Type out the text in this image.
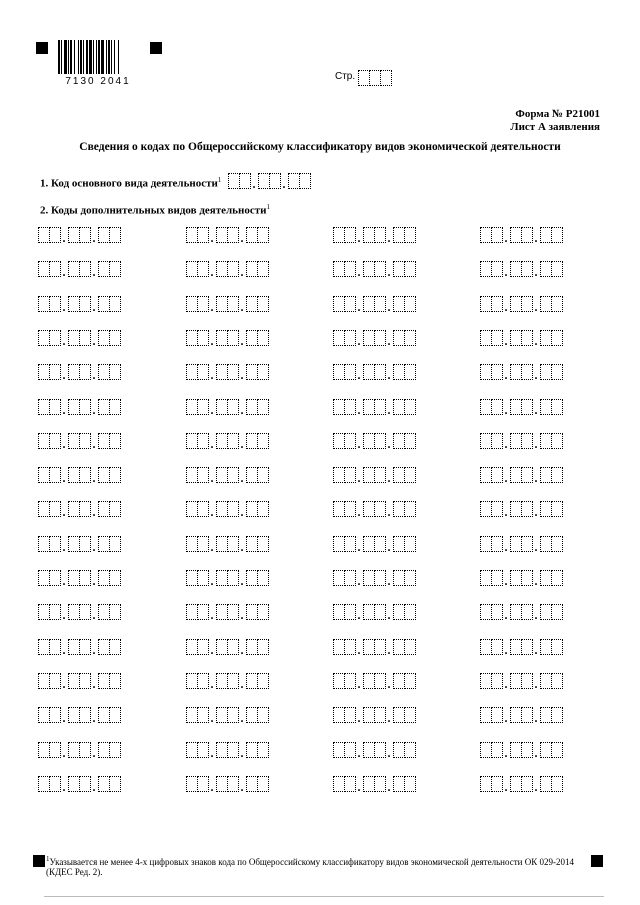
7130 2041	Стр.
Форма № Р21001
Лист А заявления
Сведения о кодах по Общероссийскому классификатору видов экономической деятельности
1. Код основного вида деятельности$^1$	. .
2. Коды дополнительных видов деятельности$^1$
. .	. .	. .	. .
. .	. .	. .	. .
. .	. .	. .	. .
. .	. .	. .	. .
. .	. .	. .	. .
. .	. .	. .	. .
. .	. .	. .	. .
. .	. .	. .	. .
. .	. .	. .	. .
. .	. .	. .	. .
. .	. .	. .	. .
. .	. .	. .	. .
. .	. .	. .	. .
. .	. .	. .	. .
. .	. .	. .	. .
. .	. .	. .	. .
. .	. .	. .	. .
$^1$Указывается не менее 4-х цифровых знаков кода по Общероссийскому классификатору видов экономической деятельности ОК 029-2014 (КДЕС Ред. 2).
